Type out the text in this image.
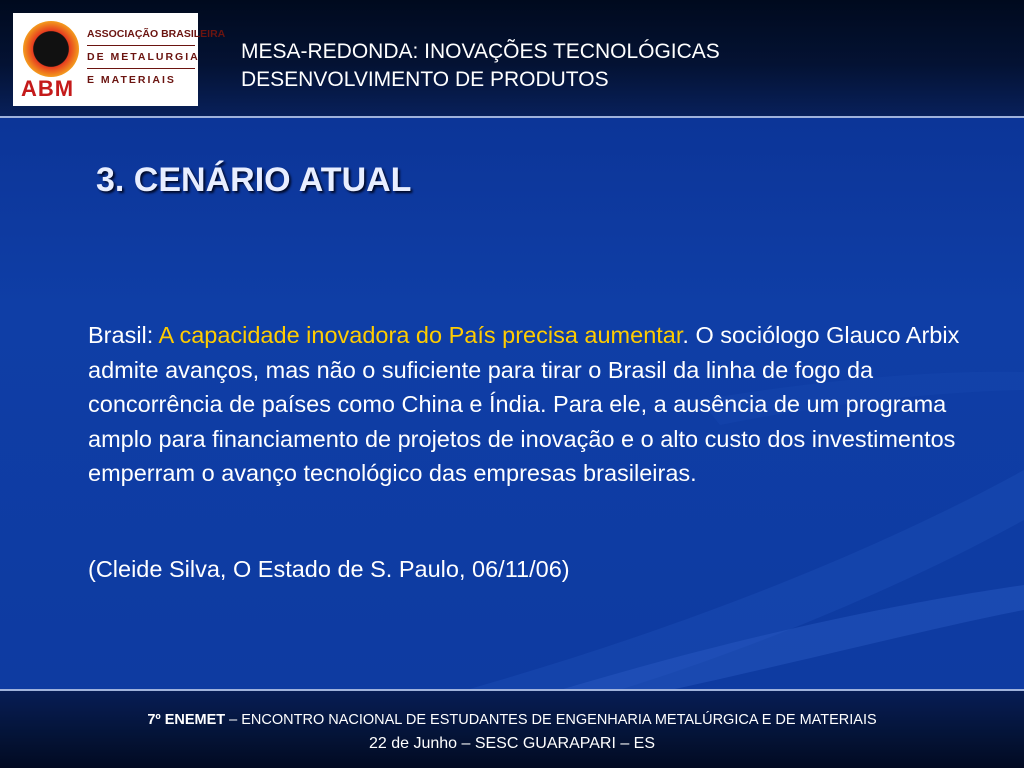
ABM
ASSOCIAÇÃO BRASILEIRA
DE METALURGIA
E MATERIAIS
MESA-REDONDA: INOVAÇÕES TECNOLÓGICAS
DESENVOLVIMENTO DE PRODUTOS
3. CENÁRIO ATUAL
Brasil: A capacidade inovadora do País precisa aumentar. O sociólogo Glauco Arbix admite avanços, mas não o suficiente para tirar o Brasil da linha de fogo da concorrência de países como China e Índia. Para ele, a ausência de um programa amplo para financiamento de projetos de inovação e o alto custo dos investimentos emperram o avanço tecnológico das empresas brasileiras.
(Cleide Silva, O Estado de S. Paulo, 06/11/06)
7º ENEMET – ENCONTRO NACIONAL DE ESTUDANTES DE ENGENHARIA METALÚRGICA E DE MATERIAIS
22 de Junho – SESC GUARAPARI – ES
